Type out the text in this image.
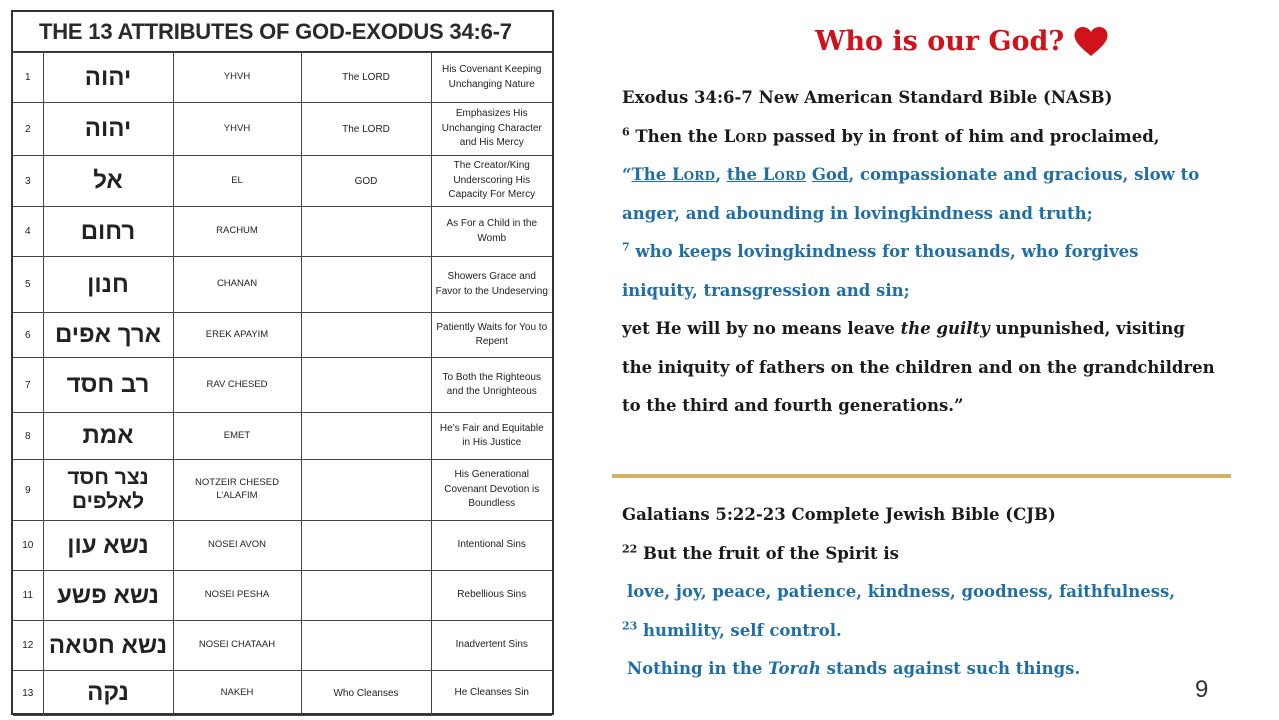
THE 13 ATTRIBUTES OF GOD-EXODUS 34:6-7
1	יהוה	YHVH	The LORD	His Covenant Keeping Unchanging Nature
2	יהוה	YHVH	The LORD	Emphasizes His Unchanging Character and His Mercy
3	אל	EL	GOD	The Creator/King Underscoring His Capacity For Mercy
4	רחום	RACHUM		As For a Child in the Womb
5	חנון	CHANAN		Showers Grace and Favor to the Undeserving
6	ארך אפים	EREK APAYIM		Patiently Waits for You to Repent
7	רב חסד	RAV CHESED		To Both the Righteous and the Unrighteous
8	אמת	EMET		He’s Fair and Equitable in His Justice
9	נצר חסד לאלפים	NOTZEIR CHESED L’ALAFIM		His Generational Covenant Devotion is Boundless
10	נשא עון	NOSEI AVON		Intentional Sins
11	נשא פשע	NOSEI PESHA		Rebellious Sins
12	נשא חטאה	NOSEI CHATAAH		Inadvertent Sins
13	נקה	NAKEH	Who Cleanses	He Cleanses Sin
Who is our God?
Exodus 34:6-7 New American Standard Bible (NASB)
$^6$ Then the LORD passed by in front of him and proclaimed,
“The LORD, the LORD God, compassionate and gracious, slow to
anger, and abounding in lovingkindness and truth;
$^7$ who keeps lovingkindness for thousands, who forgives
iniquity, transgression and sin;
yet He will by no means leave the guilty unpunished, visiting
the iniquity of fathers on the children and on the grandchildren
to the third and fourth generations.”
Galatians 5:22-23 Complete Jewish Bible (CJB)
$^{22}$ But the fruit of the Spirit is
love, joy, peace, patience, kindness, goodness, faithfulness,
$^{23}$ humility, self control.
Nothing in the Torah stands against such things.
9
